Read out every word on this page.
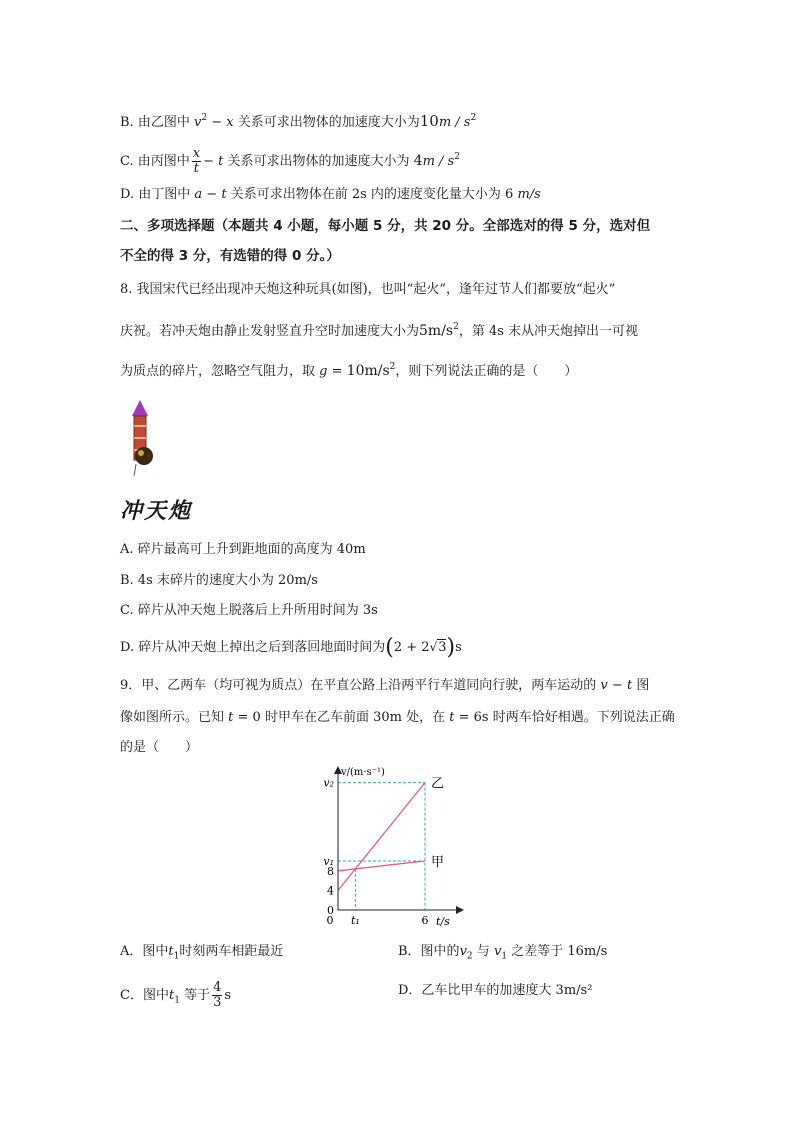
B. 由乙图中 $v^2 - x$ 关系可求出物体的加速度大小为$10m / s^2$
C. 由丙图中 $\frac{x}{t} - t$ 关系可求出物体的加速度大小为 $4m / s^2$
D. 由丁图中 a − t 关系可求出物体在前 2s 内的速度变化量大小为 6 m/s
二、多项选择题（本题共 4 小题，每小题 5 分，共 20 分。全部选对的得 5 分，选对但
不全的得 3 分，有选错的得 0 分。）
8. 我国宋代已经出现冲天炮这种玩具(如图)，也叫“起火”，逢年过节人们都要放“起火”
庆祝。若冲天炮由静止发射竖直升空时加速度大小为$5m/s^2$，第 4s 末从冲天炮掉出一可视
为质点的碎片，忽略空气阻力，取 $g = 10m/s^2$，则下列说法正确的是（　　）
冲天炮
A. 碎片最高可上升到距地面的高度为 40m
B. 4s 末碎片的速度大小为 20m/s
C. 碎片从冲天炮上脱落后上升所用时间为 3s
D. 碎片从冲天炮上掉出之后到落回地面时间为(2 + 2√3)s
9．甲、乙两车（均可视为质点）在平直公路上沿两平行车道同向行驶，两车运动的 v − t 图
像如图所示。已知 t = 0 时甲车在乙车前面 30m 处，在 t = 6s 时两车恰好相遇。下列说法正确
的是（　　）
v/(m·s⁻¹)
t/s
0
4
8
v₁
v₂
0 t₁	6
甲
乙
A．图中$t_1$时刻两车相距最近	B．图中的$v_2$ 与 $v_1$ 之差等于 16m/s
C．图中$t_1$ 等于 $\frac{4}{3}$ s	D．乙车比甲车的加速度大 3m/s²
